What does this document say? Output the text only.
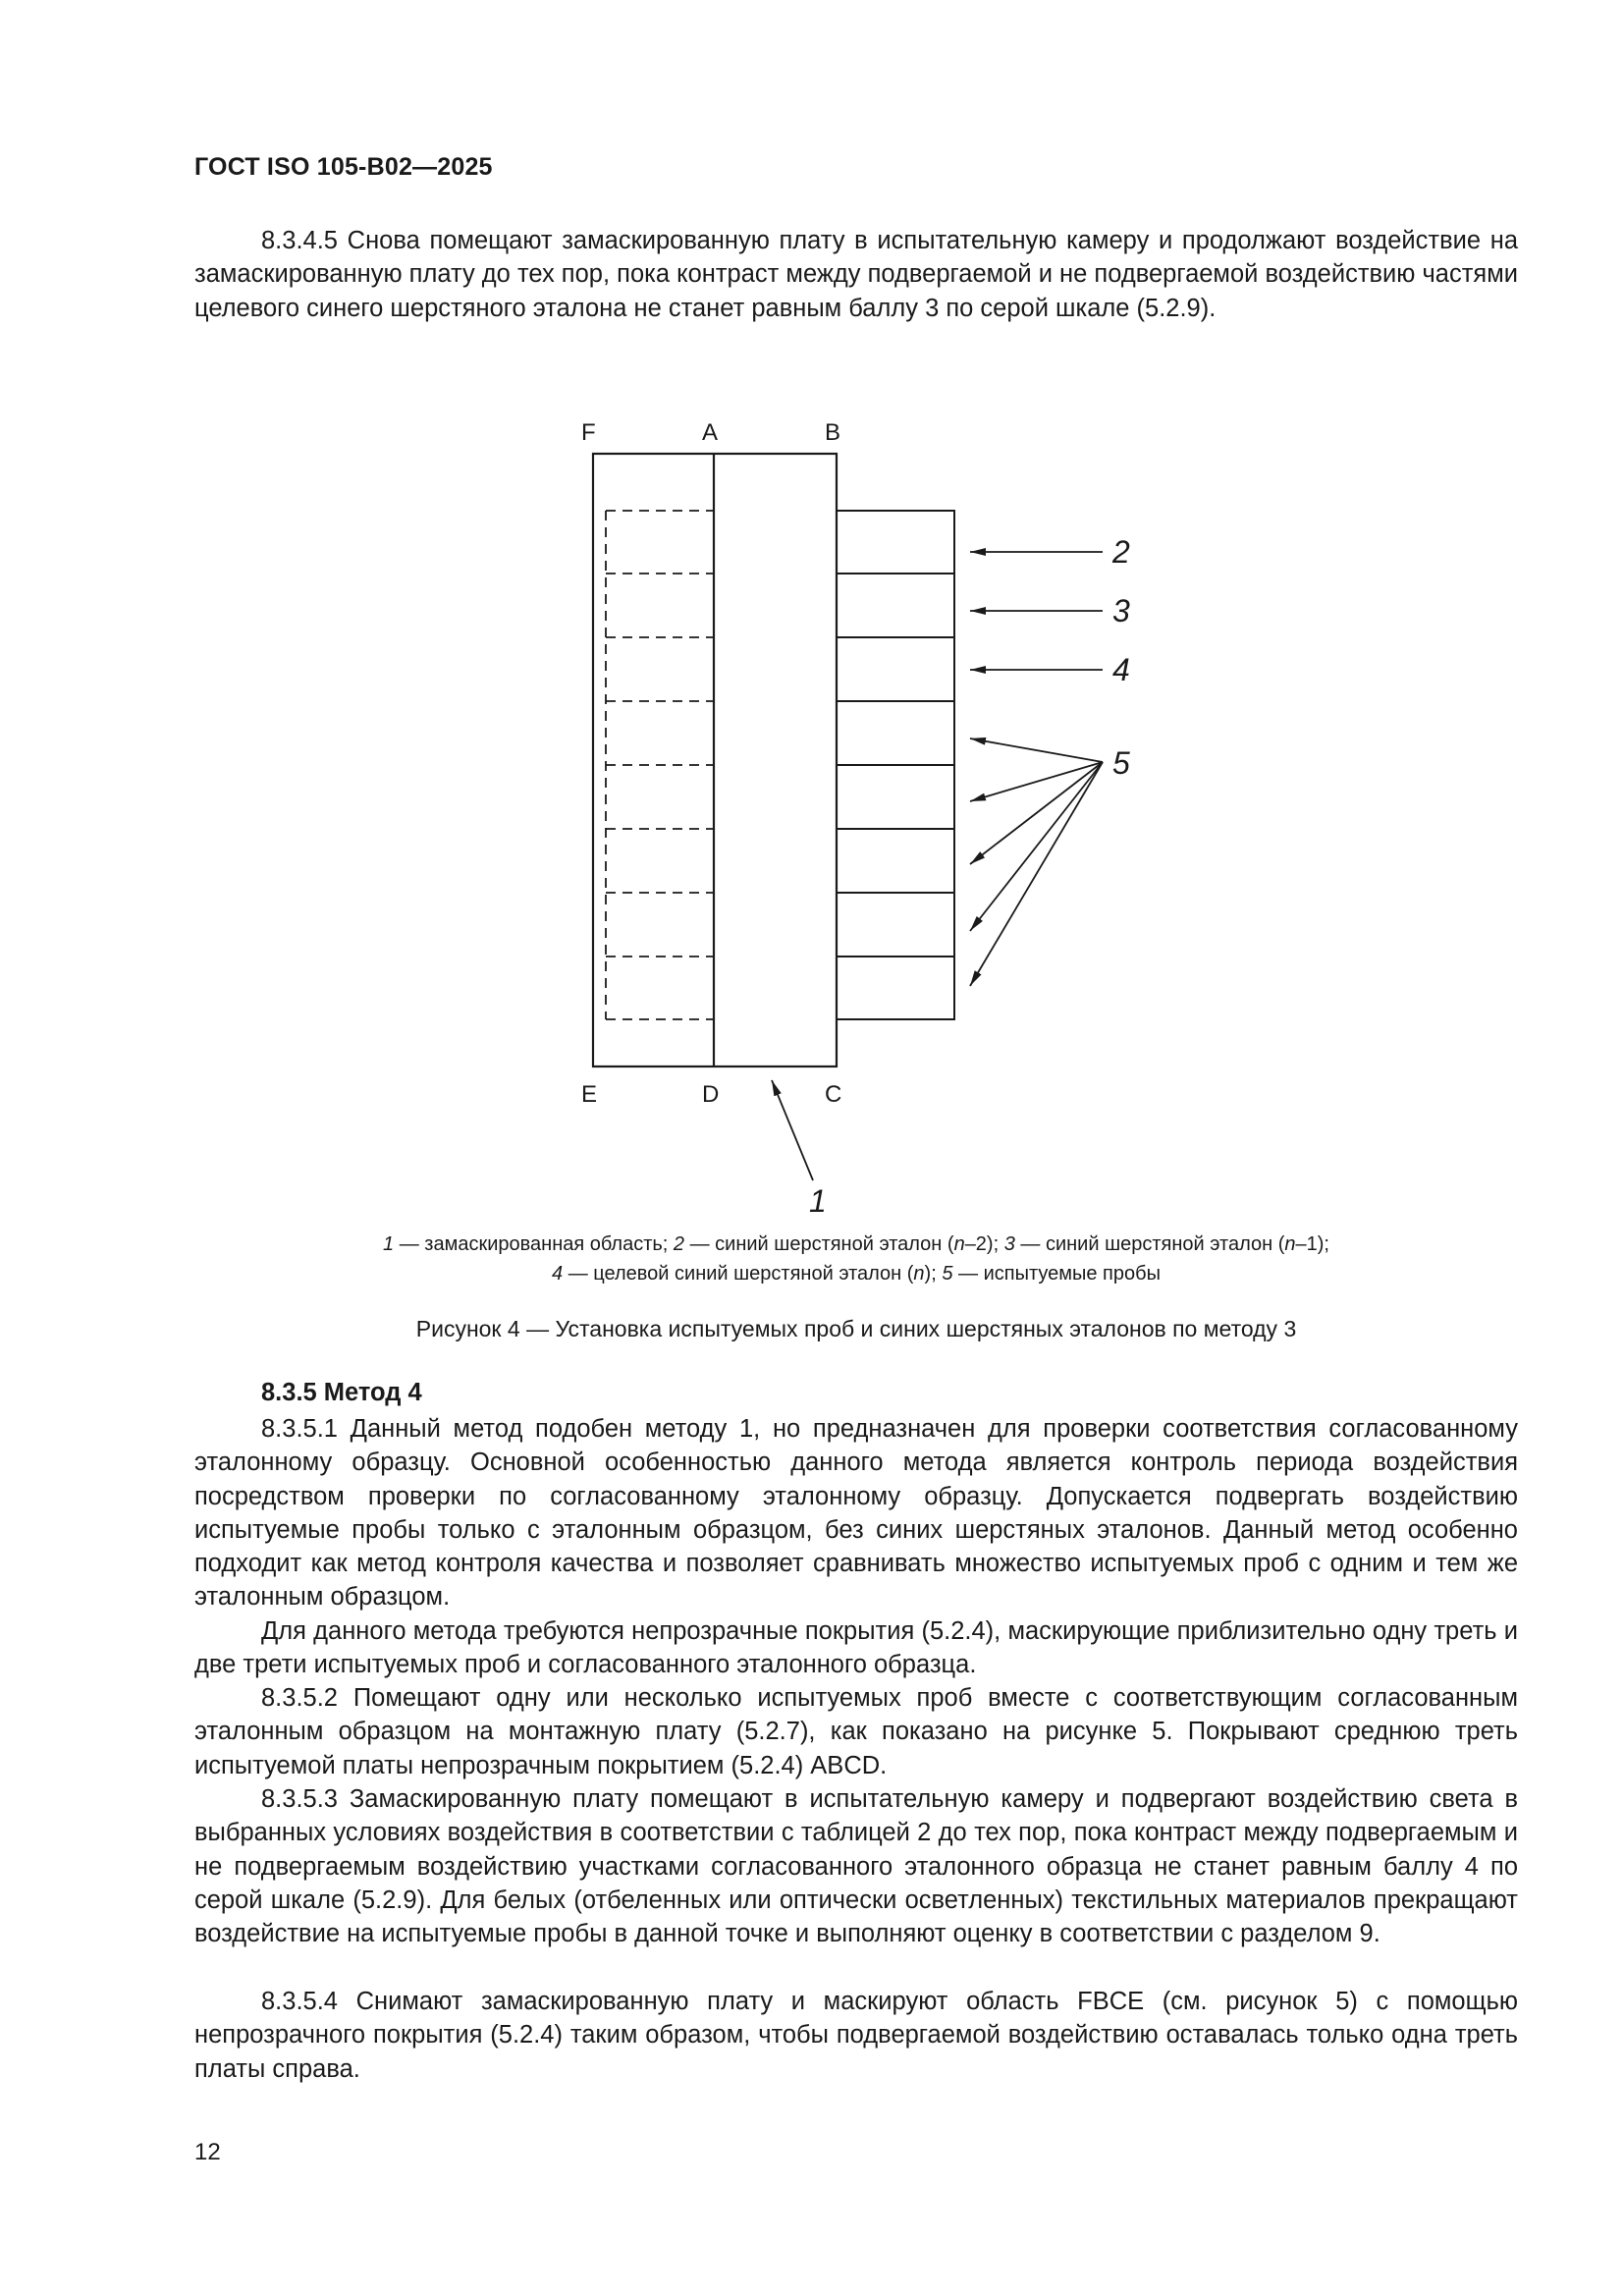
ГОСТ ISO 105-B02—2025

8.3.4.5 Снова помещают замаскированную плату в испытательную камеру и продолжают воздействие на замаскированную плату до тех пор, пока контраст между подвергаемой и не подвергаемой воздействию частями целевого синего шерстяного эталона не станет равным баллу 3 по серой шкале (5.2.9).

F	A	B
E	D	C
2
3
4
5
1
1 — замаскированная область; 2 — синий шерстяной эталон (n–2); 3 — синий шерстяной эталон (n–1);
4 — целевой синий шерстяной эталон (n); 5 — испытуемые пробы
Рисунок 4 — Установка испытуемых проб и синих шерстяных эталонов по методу 3
8.3.5 Метод 4

8.3.5.1 Данный метод подобен методу 1, но предназначен для проверки соответствия согласованному эталонному образцу. Основной особенностью данного метода является контроль периода воздействия посредством проверки по согласованному эталонному образцу. Допускается подвергать воздействию испытуемые пробы только с эталонным образцом, без синих шерстяных эталонов. Данный метод особенно подходит как метод контроля качества и позволяет сравнивать множество испытуемых проб с одним и тем же эталонным образцом.

Для данного метода требуются непрозрачные покрытия (5.2.4), маскирующие приблизительно одну треть и две трети испытуемых проб и согласованного эталонного образца.

8.3.5.2 Помещают одну или несколько испытуемых проб вместе с соответствующим согласованным эталонным образцом на монтажную плату (5.2.7), как показано на рисунке 5. Покрывают среднюю треть испытуемой платы непрозрачным покрытием (5.2.4) ABCD.

8.3.5.3 Замаскированную плату помещают в испытательную камеру и подвергают воздействию света в выбранных условиях воздействия в соответствии с таблицей 2 до тех пор, пока контраст между подвергаемым и не подвергаемым воздействию участками согласованного эталонного образца не станет равным баллу 4 по серой шкале (5.2.9). Для белых (отбеленных или оптически осветленных) текстильных материалов прекращают воздействие на испытуемые пробы в данной точке и выполняют оценку в соответствии с разделом 9.

8.3.5.4 Снимают замаскированную плату и маскируют область FBCE (см. рисунок 5) с помощью непрозрачного покрытия (5.2.4) таким образом, чтобы подвергаемой воздействию оставалась только одна треть платы справа.

12
